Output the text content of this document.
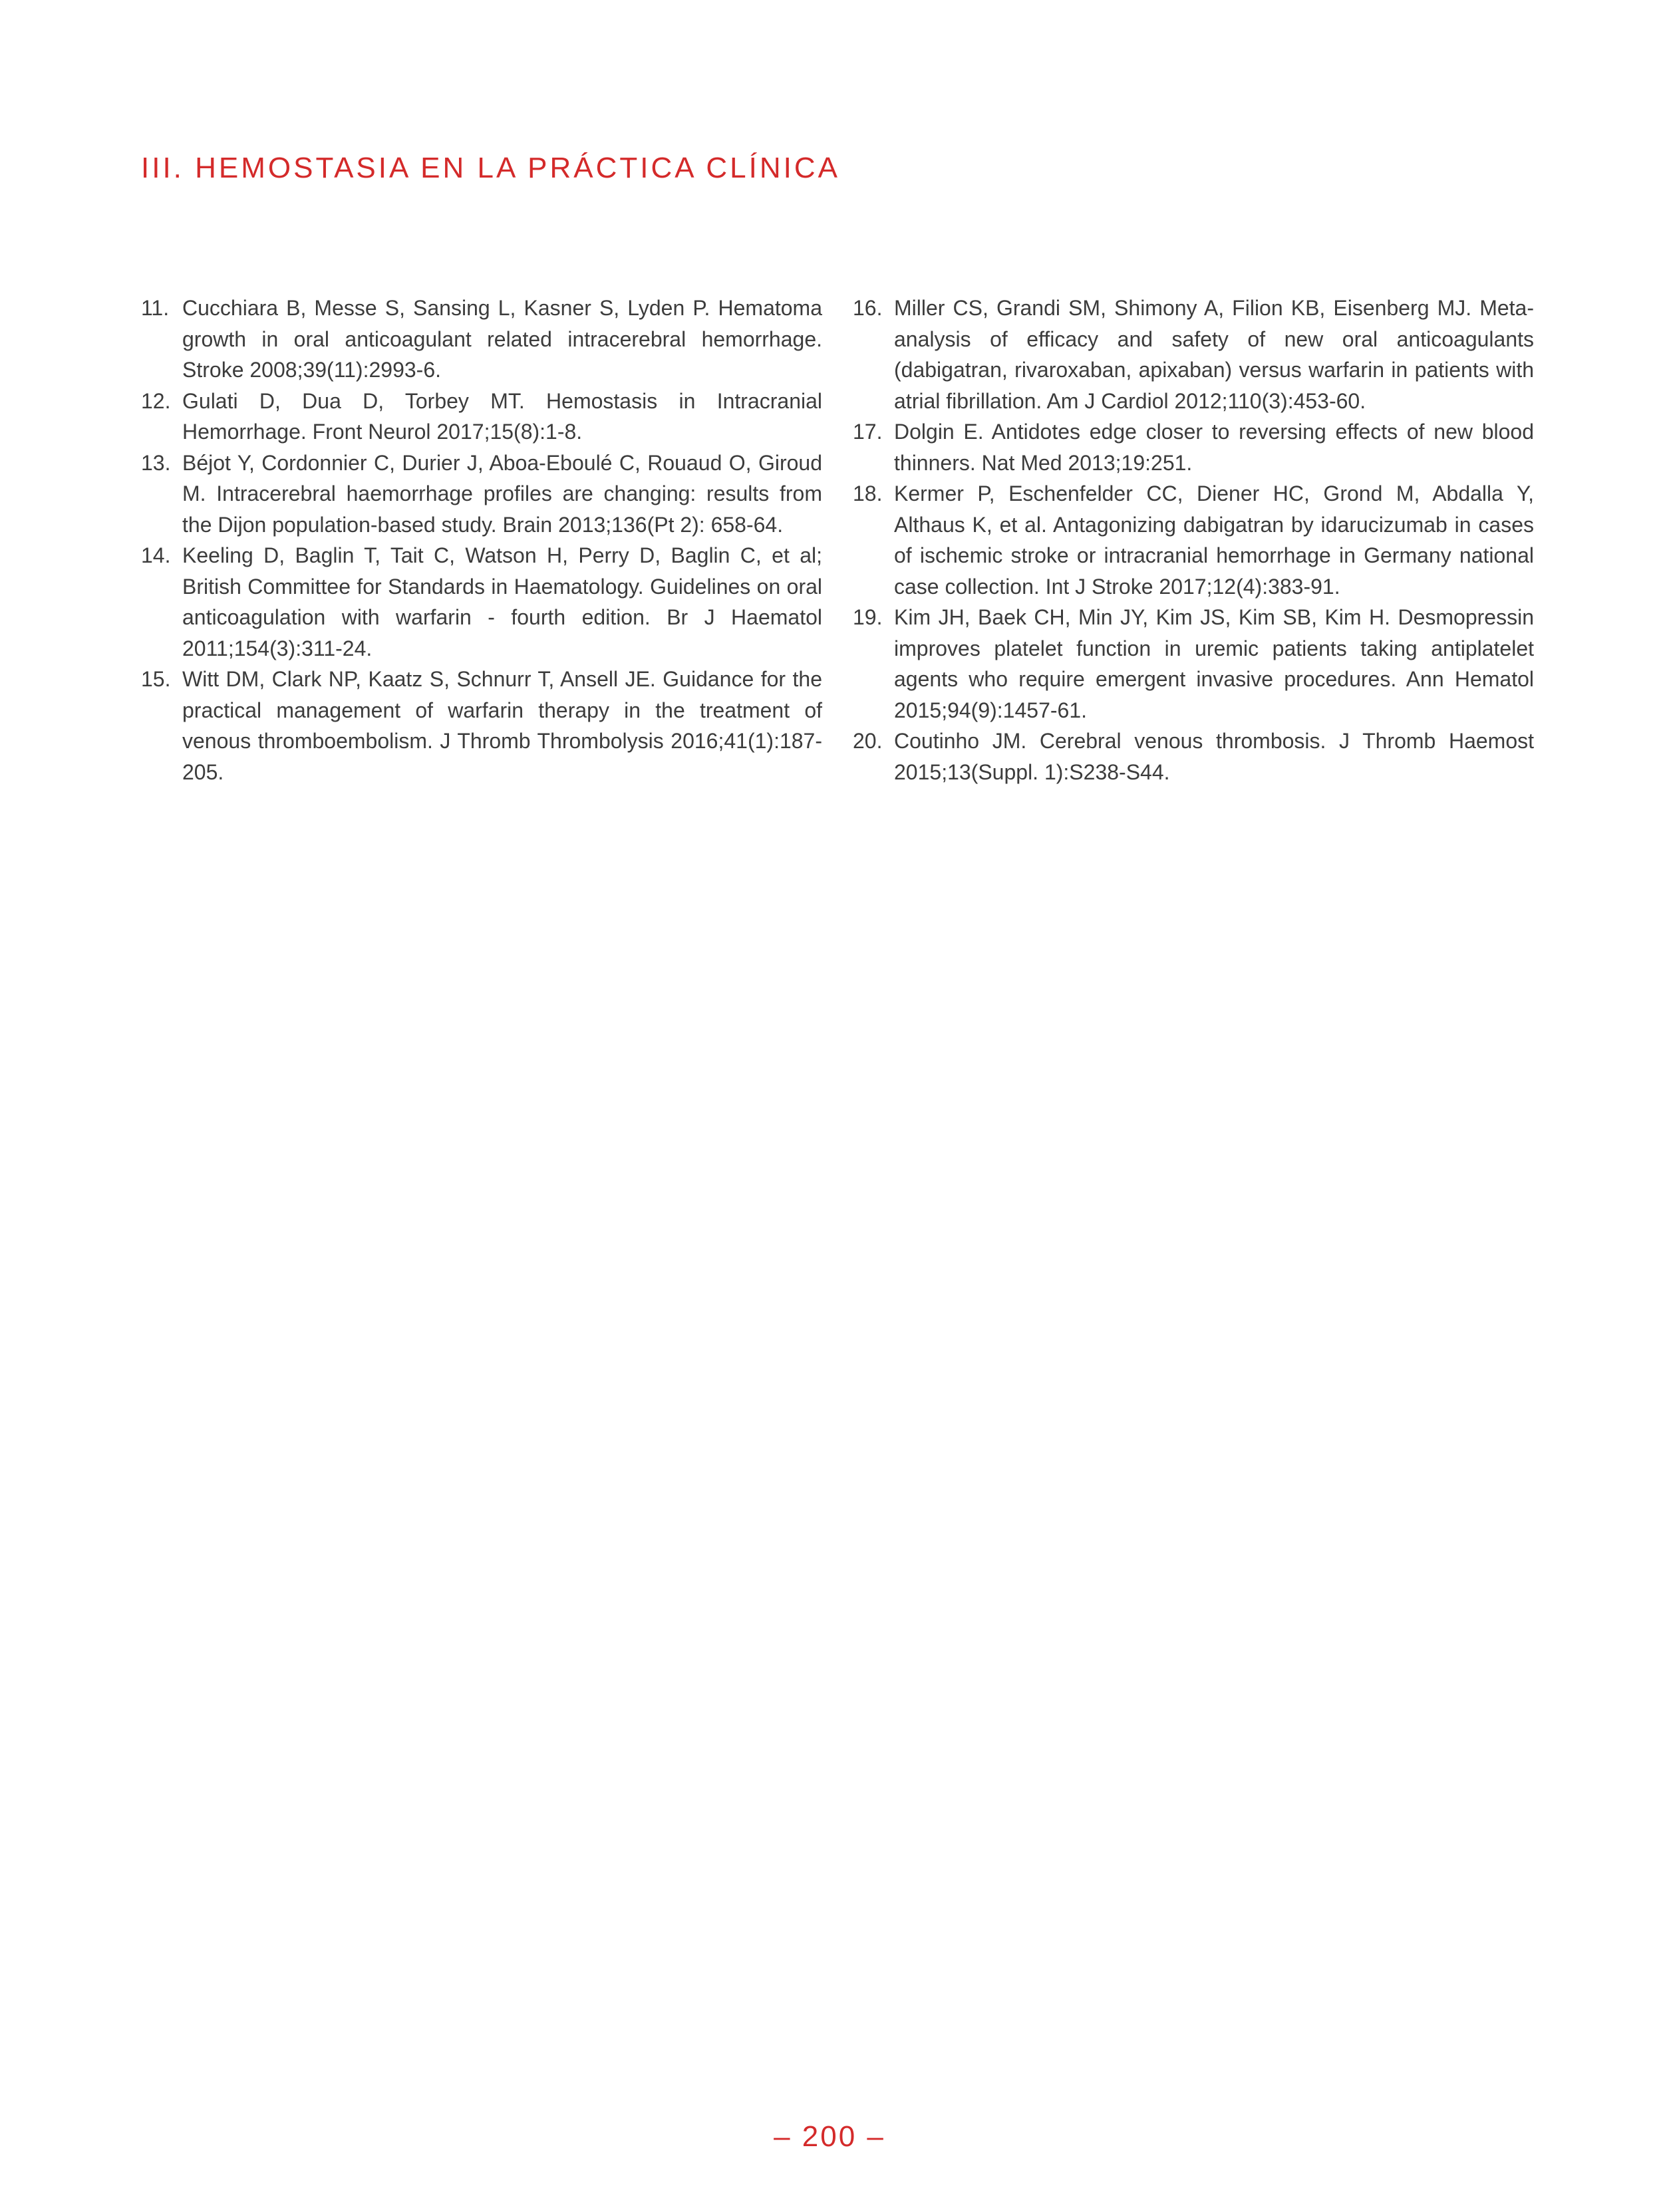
III. HEMOSTASIA EN LA PRÁCTICA CLÍNICA
11. Cucchiara B, Messe S, Sansing L, Kasner S, Lyden P. Hematoma growth in oral anticoagulant related intracerebral hemorrhage. Stroke 2008;39(11):2993-6.
12. Gulati D, Dua D, Torbey MT. Hemostasis in Intracranial Hemorrhage. Front Neurol 2017;15(8):1-8.
13. Béjot Y, Cordonnier C, Durier J, Aboa-Eboulé C, Rouaud O, Giroud M. Intracerebral haemorrhage profiles are changing: results from the Dijon population-based study. Brain 2013;136(Pt 2): 658-64.
14. Keeling D, Baglin T, Tait C, Watson H, Perry D, Baglin C, et al; British Committee for Standards in Haematology. Guidelines on oral anticoagulation with warfarin - fourth edition. Br J Haematol 2011;154(3):311-24.
15. Witt DM, Clark NP, Kaatz S, Schnurr T, Ansell JE. Guidance for the practical management of warfarin therapy in the treatment of venous thromboembolism. J Thromb Thrombolysis 2016;41(1):187-205.
16. Miller CS, Grandi SM, Shimony A, Filion KB, Eisenberg MJ. Meta-analysis of efficacy and safety of new oral anticoagulants (dabigatran, rivaroxaban, apixaban) versus warfarin in patients with atrial fibrillation. Am J Cardiol 2012;110(3):453-60.
17. Dolgin E. Antidotes edge closer to reversing effects of new blood thinners. Nat Med 2013;19:251.
18. Kermer P, Eschenfelder CC, Diener HC, Grond M, Abdalla Y, Althaus K, et al. Antagonizing dabigatran by idarucizumab in cases of ischemic stroke or intracranial hemorrhage in Germany national case collection. Int J Stroke 2017;12(4):383-91.
19. Kim JH, Baek CH, Min JY, Kim JS, Kim SB, Kim H. Desmopressin improves platelet function in uremic patients taking antiplatelet agents who require emergent invasive procedures. Ann Hematol 2015;94(9):1457-61.
20. Coutinho JM. Cerebral venous thrombosis. J Thromb Haemost 2015;13(Suppl. 1):S238-S44.
– 200 –
